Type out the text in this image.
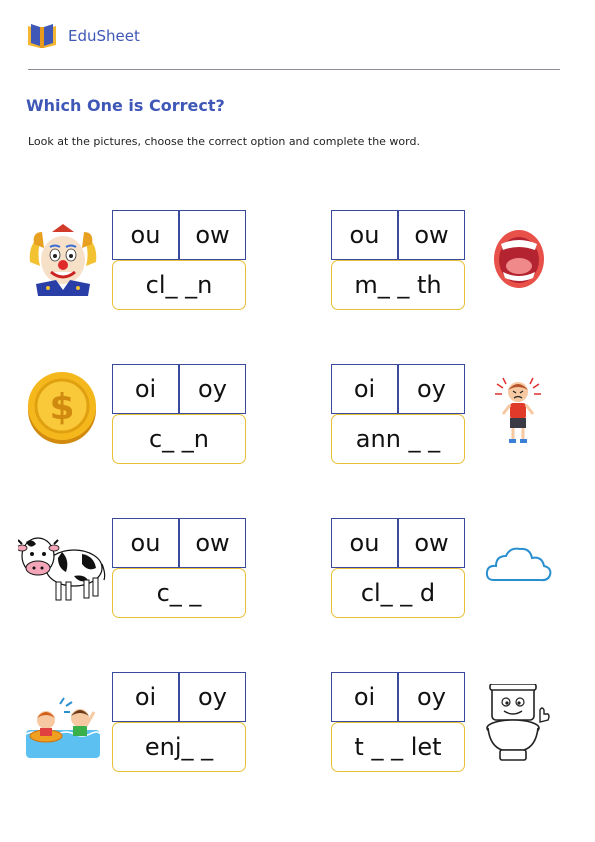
EduSheet
Which One is Correct?

Look at the pictures, choose the correct option and complete the word.

ou	ow
cl_ _n
ou	ow
m_ _ th
$	oi	oy
c_ _n
oi	oy
ann _ _
ou	ow
c_ _
ou	ow
cl_ _ d
oi	oy
enj_ _
oi	oy
t _ _ let
